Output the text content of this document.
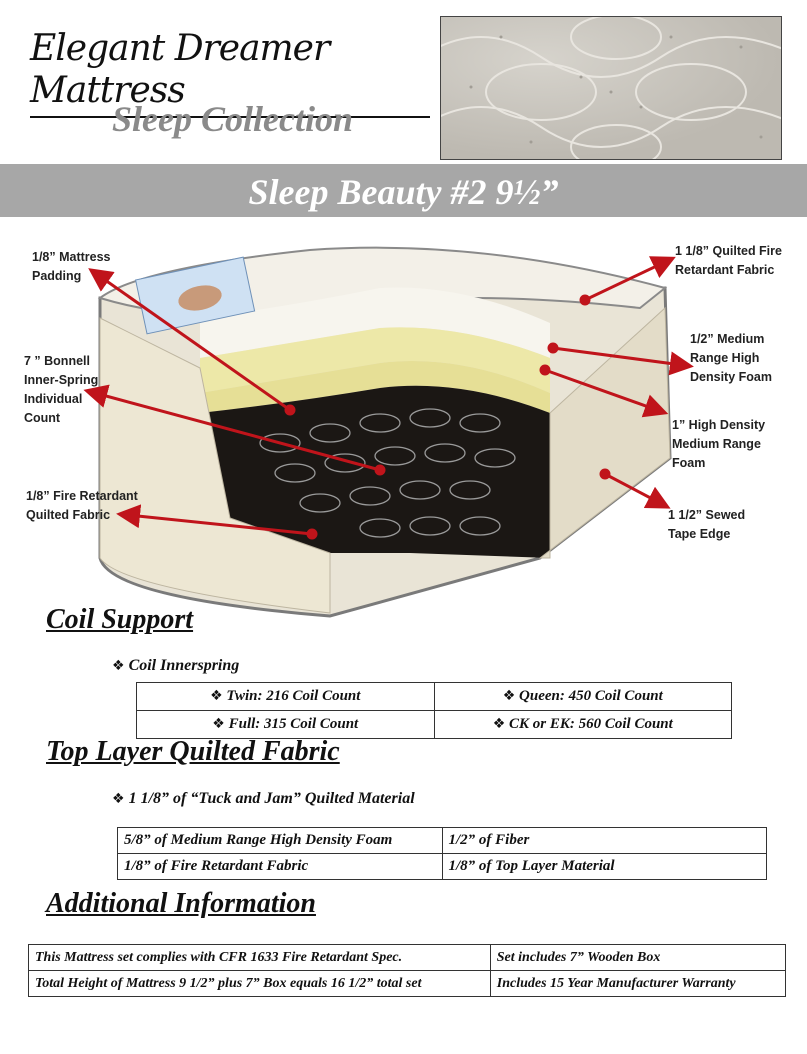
Elegant Dreamer Mattress
Sleep Collection
Sleep Beauty #2 9½”
1/8” Mattress Padding
7 ” Bonnell Inner-Spring Individual Count
1/8” Fire Retardant Quilted Fabric
1 1/8” Quilted Fire Retardant Fabric
1/2” Medium Range High Density Foam
1” High Density Medium Range Foam
1 1/2” Sewed Tape Edge
Coil Support
❖ Coil Innerspring
❖ Twin: 216 Coil Count	❖ Queen: 450 Coil Count
❖ Full: 315 Coil Count	❖ CK or EK: 560 Coil Count
Top Layer Quilted Fabric
❖ 1 1/8” of “Tuck and Jam” Quilted Material
5/8” of Medium Range High Density Foam	1/2” of Fiber
1/8” of Fire Retardant Fabric	1/8” of Top Layer Material
Additional Information
This Mattress set complies with CFR 1633 Fire Retardant Spec.	Set includes 7” Wooden Box
Total Height of Mattress 9 1/2” plus 7” Box equals 16 1/2” total set	Includes 15 Year Manufacturer Warranty
